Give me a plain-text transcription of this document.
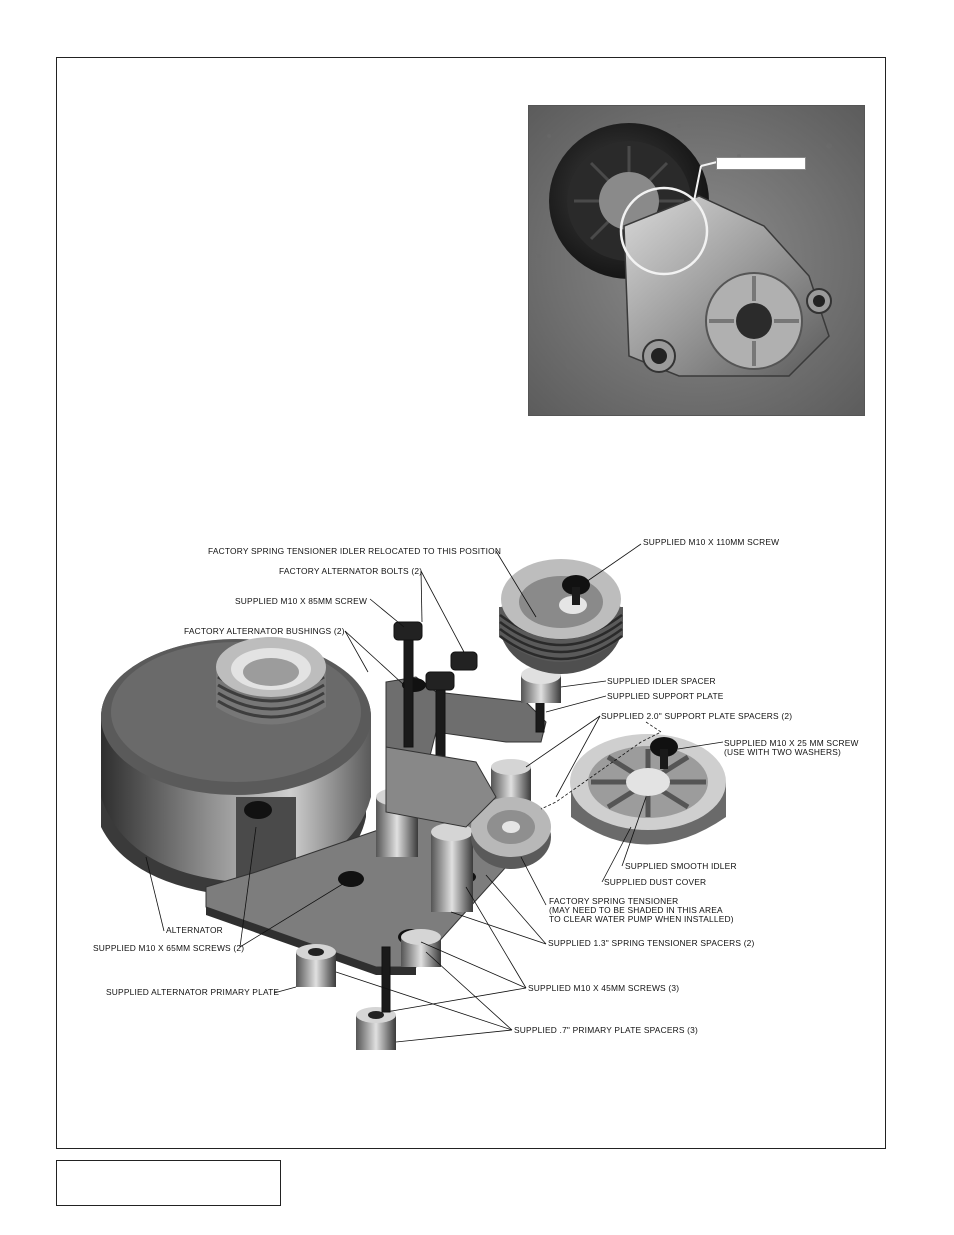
FACTORY SPRING TENSIONER IDLER RELOCATED TO THIS POSITION
FACTORY ALTERNATOR BOLTS (2)
SUPPLIED M10 X 85MM SCREW
FACTORY ALTERNATOR BUSHINGS (2)
SUPPLIED M10 X 110MM SCREW
SUPPLIED IDLER SPACER
SUPPLIED SUPPORT PLATE
SUPPLIED 2.0" SUPPORT PLATE SPACERS (2)
SUPPLIED M10 X 25 MM SCREW
(USE WITH TWO WASHERS)
SUPPLIED SMOOTH IDLER
SUPPLIED DUST COVER
FACTORY SPRING TENSIONER
(MAY NEED TO BE SHADED IN THIS AREA
TO CLEAR WATER PUMP WHEN INSTALLED)
ALTERNATOR
SUPPLIED M10 X 65MM SCREWS (2)	SUPPLIED 1.3" SPRING TENSIONER SPACERS (2)
SUPPLIED ALTERNATOR PRIMARY PLATE	SUPPLIED M10 X 45MM SCREWS (3)
SUPPLIED .7" PRIMARY PLATE SPACERS (3)
